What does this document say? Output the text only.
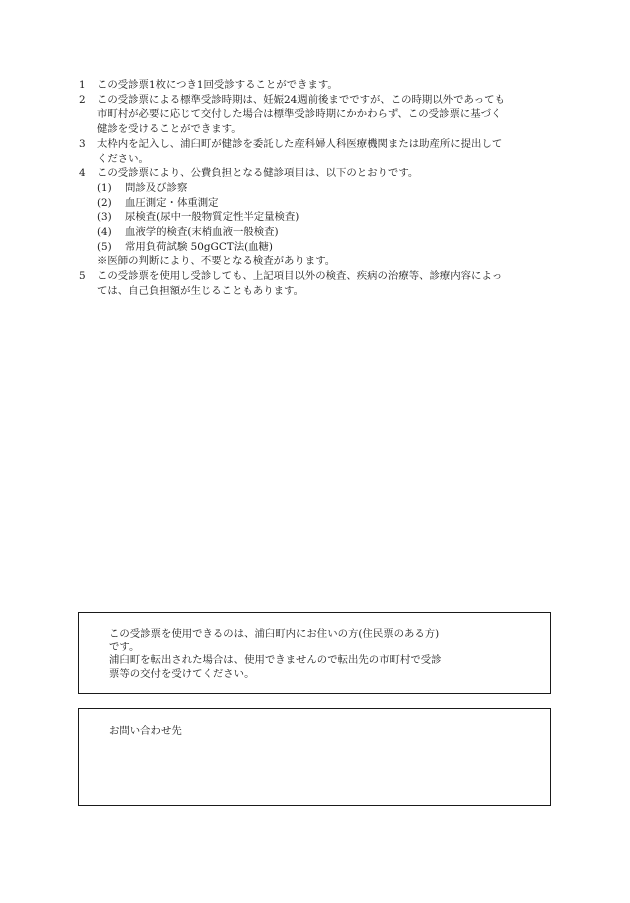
1	この受診票1枚につき1回受診することができます。
2	この受診票による標準受診時期は、妊娠24週前後までですが、この時期以外であっても
市町村が必要に応じて交付した場合は標準受診時期にかかわらず、この受診票に基づく
健診を受けることができます。
3	太枠内を記入し、浦臼町が健診を委託した産科婦人科医療機関または助産所に提出して
ください。
4	この受診票により、公費負担となる健診項目は、以下のとおりです。
(1)	問診及び診察
(2)	血圧測定・体重測定
(3)	尿検査(尿中一般物質定性半定量検査)
(4)	血液学的検査(末梢血液一般検査)
(5)	常用負荷試験 50gGCT法(血糖)
※医師の判断により、不要となる検査があります。
5	この受診票を使用し受診しても、上記項目以外の検査、疾病の治療等、診療内容によっ
ては、自己負担額が生じることもあります。
この受診票を使用できるのは、浦臼町内にお住いの方(住民票のある方)
です。
浦臼町を転出された場合は、使用できませんので転出先の市町村で受診
票等の交付を受けてください。
お問い合わせ先
